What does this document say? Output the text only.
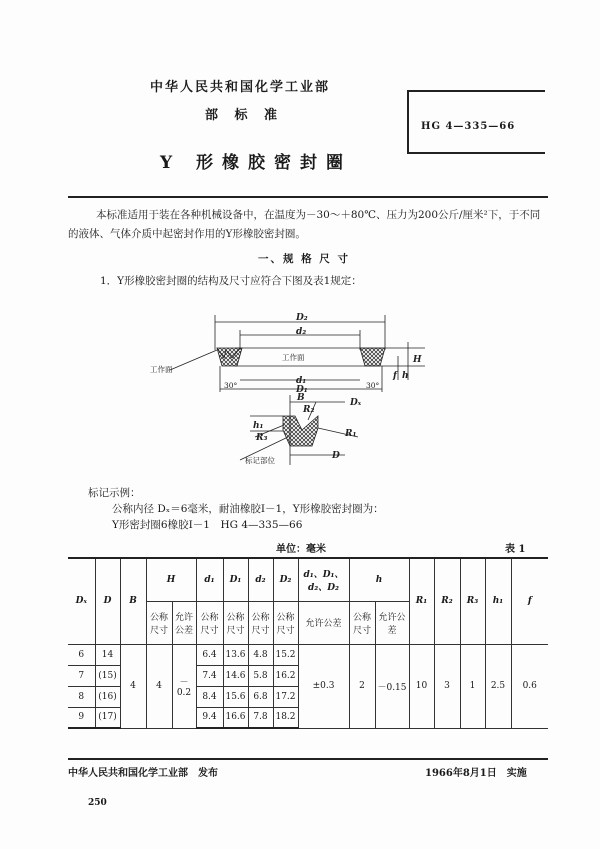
中华人民共和国化学工业部
部 标 准
Y 形橡胶密封圈
HG 4—335—66
本标准适用于装在各种机械设备中，在温度为－30～＋80℃、压力为200公斤/厘米²下，于不同的液体、气体介质中起密封作用的Y形橡胶密封圈。
一、规 格 尺 寸
1．Y形橡胶密封圈的结构及尺寸应符合下图及表1规定：
D₂
d₂
d₁
D₁
H
f h
B	Dₓ
R₂
R₁
R₃
h₁
D
工作面
工作面
30°	30°
标记部位
标记示例：
公称内径 Dₓ＝6毫米，耐油橡胶Ⅰ－1，Y形橡胶密封圈为：
Y形密封圈6橡胶Ⅰ－1　HG 4—335—66
单位：毫米	表 1
Dₓ	D	B	H		d₁	D₁	d₂	D₂	d₁、D₁、d₂、D₂	h		R₁	R₂	R₃	h₁	f
			公称尺寸	允许公差	公称尺寸	公称尺寸	公称尺寸	公称尺寸	允许公差	公称尺寸	允许公差					
6	14	4	4	－0.2	6.4	13.6	4.8	15.2	±0.3	2	－0.15	10	3	1	2.5	0.6
7	(15)				7.4	14.6	5.8	16.2								
8	(16)				8.4	15.6	6.8	17.2								
9	(17)				9.4	16.6	7.8	18.2								
中华人民共和国化学工业部　发布	1966年8月1日　实施
250
